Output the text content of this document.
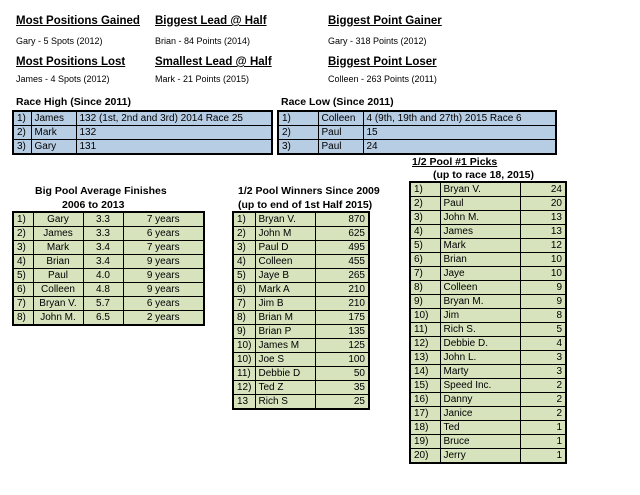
Most Positions Gained
Gary - 5 Spots (2012)
Biggest Lead @ Half
Brian - 84 Points (2014)
Biggest Point Gainer
Gary - 318 Points (2012)
Most Positions Lost
James - 4 Spots (2012)
Smallest Lead @ Half
Mark - 21 Points (2015)
Biggest Point Loser
Colleen - 263 Points (2011)
Race High (Since 2011)
1)	James	132 (1st, 2nd and 3rd) 2014 Race 25
2)	Mark	132
3)	Gary	131
Race Low (Since 2011)
1)	Colleen	4 (9th, 19th and 27th) 2015 Race 6
2)	Paul	15
3)	Paul	24
Big Pool Average Finishes
2006 to 2013
1)	Gary	3.3	7 years
2)	James	3.3	6 years
3)	Mark	3.4	7 years
4)	Brian	3.4	9 years
5)	Paul	4.0	9 years
6)	Colleen	4.8	9 years
7)	Bryan V.	5.7	6 years
8)	John M.	6.5	2 years
1/2 Pool Winners Since 2009
(up to end of 1st Half 2015)
1)	Bryan V.	870
2)	John M	625
3)	Paul D	495
4)	Colleen	455
5)	Jaye B	265
6)	Mark A	210
7)	Jim B	210
8)	Brian M	175
9)	Brian P	135
10)	James M	125
10)	Joe S	100
11)	Debbie D	50
12)	Ted Z	35
13	Rich S	25
1/2 Pool #1 Picks
(up to race 18, 2015)
1)	Bryan V.	24
2)	Paul	20
3)	John M.	13
4)	James	13
5)	Mark	12
6)	Brian	10
7)	Jaye	10
8)	Colleen	9
9)	Bryan M.	9
10)	Jim	8
11)	Rich S.	5
12)	Debbie D.	4
13)	John L.	3
14)	Marty	3
15)	Speed Inc.	2
16)	Danny	2
17)	Janice	2
18)	Ted	1
19)	Bruce	1
20)	Jerry	1
